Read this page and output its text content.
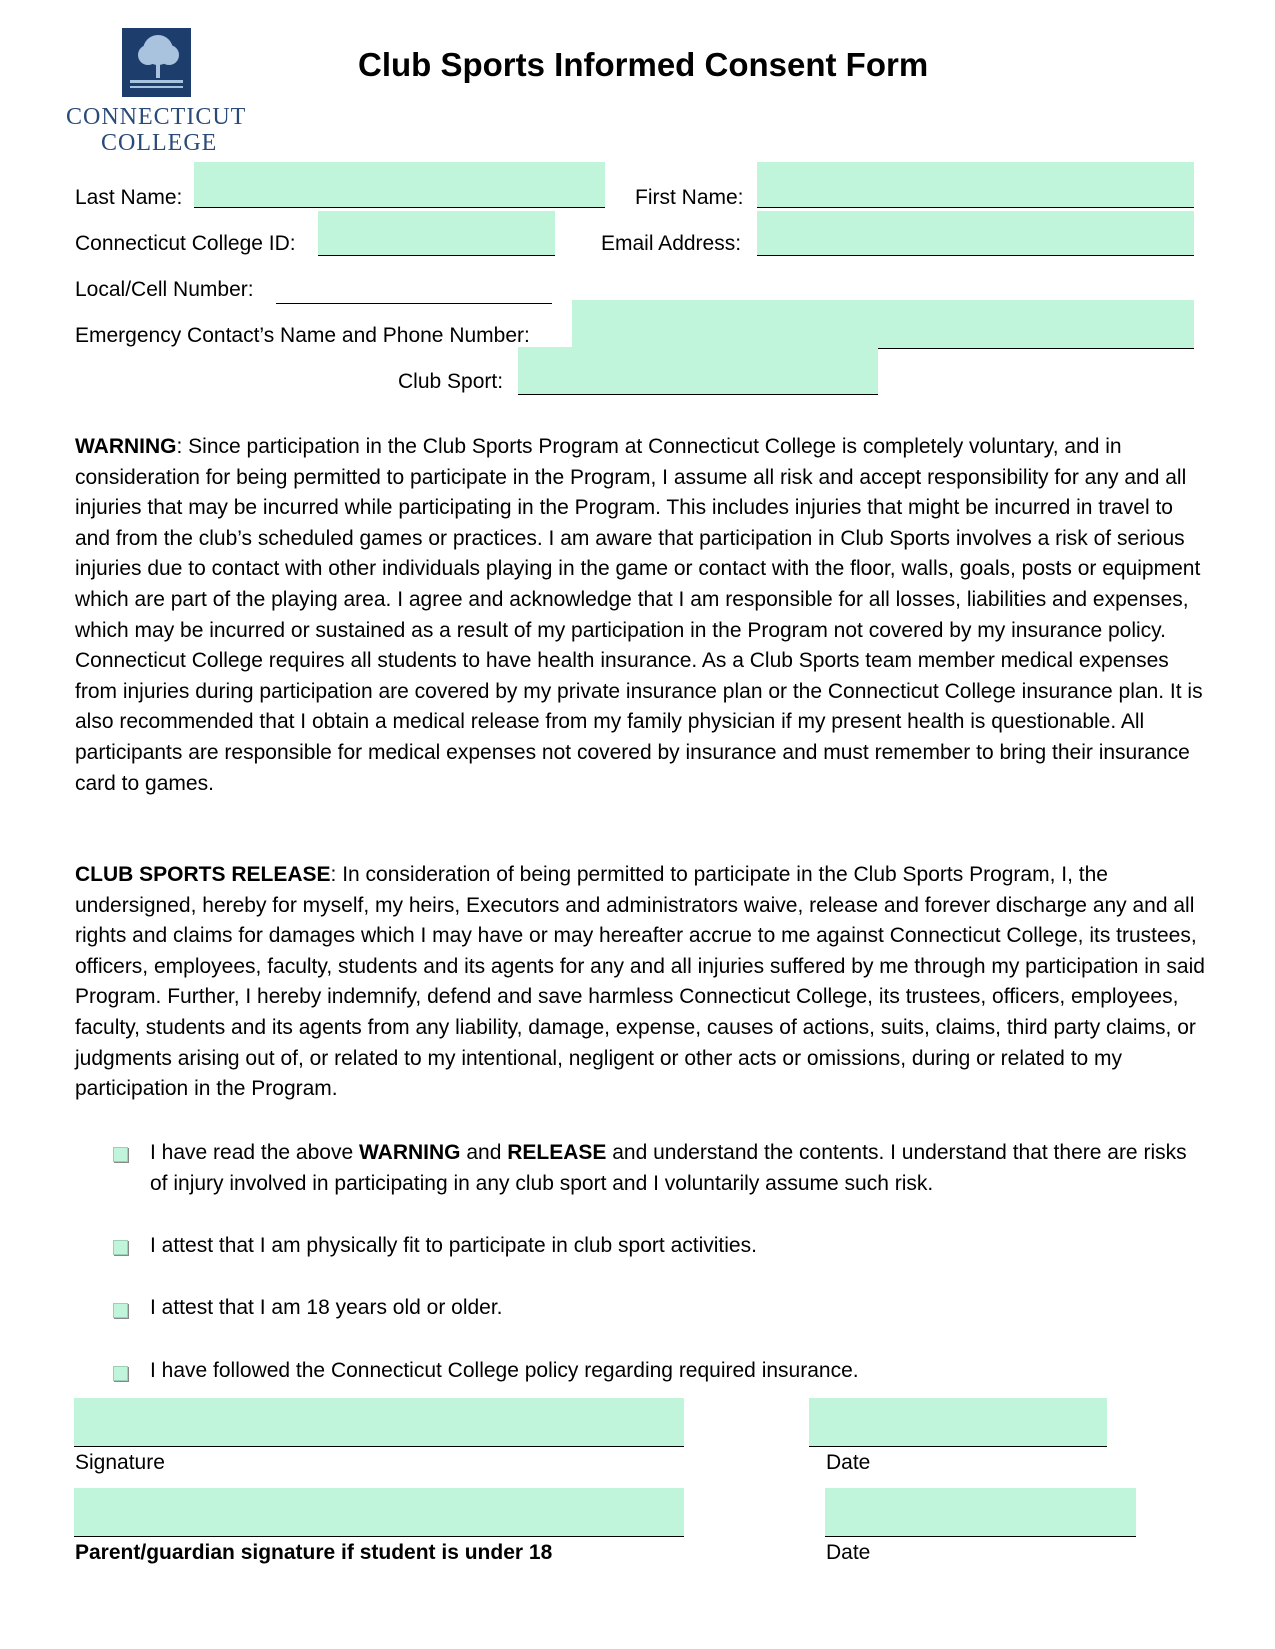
CONNECTICUT
COLLEGE
Club Sports Informed Consent Form
Last Name:	First Name:
Connecticut College ID:	Email Address:
Local/Cell Number:
Emergency Contact’s Name and Phone Number:
Club Sport:
WARNING: Since participation in the Club Sports Program at Connecticut College is completely voluntary, and in consideration for being permitted to participate in the Program, I assume all risk and accept responsibility for any and all injuries that may be incurred while participating in the Program. This includes injuries that might be incurred in travel to and from the club’s scheduled games or practices. I am aware that participation in Club Sports involves a risk of serious injuries due to contact with other individuals playing in the game or contact with the floor, walls, goals, posts or equipment which are part of the playing area. I agree and acknowledge that I am responsible for all losses, liabilities and expenses, which may be incurred or sustained as a result of my participation in the Program not covered by my insurance policy. Connecticut College requires all students to have health insurance. As a Club Sports team member medical expenses from injuries during participation are covered by my private insurance plan or the Connecticut College insurance plan. It is also recommended that I obtain a medical release from my family physician if my present health is questionable. All participants are responsible for medical expenses not covered by insurance and must remember to bring their insurance card to games.
CLUB SPORTS RELEASE: In consideration of being permitted to participate in the Club Sports Program, I, the undersigned, hereby for myself, my heirs, Executors and administrators waive, release and forever discharge any and all rights and claims for damages which I may have or may hereafter accrue to me against Connecticut College, its trustees, officers, employees, faculty, students and its agents for any and all injuries suffered by me through my participation in said Program. Further, I hereby indemnify, defend and save harmless Connecticut College, its trustees, officers, employees, faculty, students and its agents from any liability, damage, expense, causes of actions, suits, claims, third party claims, or judgments arising out of, or related to my intentional, negligent or other acts or omissions, during or related to my participation in the Program.
I have read the above WARNING and RELEASE and understand the contents. I understand that there are risks of injury involved in participating in any club sport and I voluntarily assume such risk.
I attest that I am physically fit to participate in club sport activities.
I attest that I am 18 years old or older.
I have followed the Connecticut College policy regarding required insurance.
Signature	Date
Parent/guardian signature if student is under 18	Date
